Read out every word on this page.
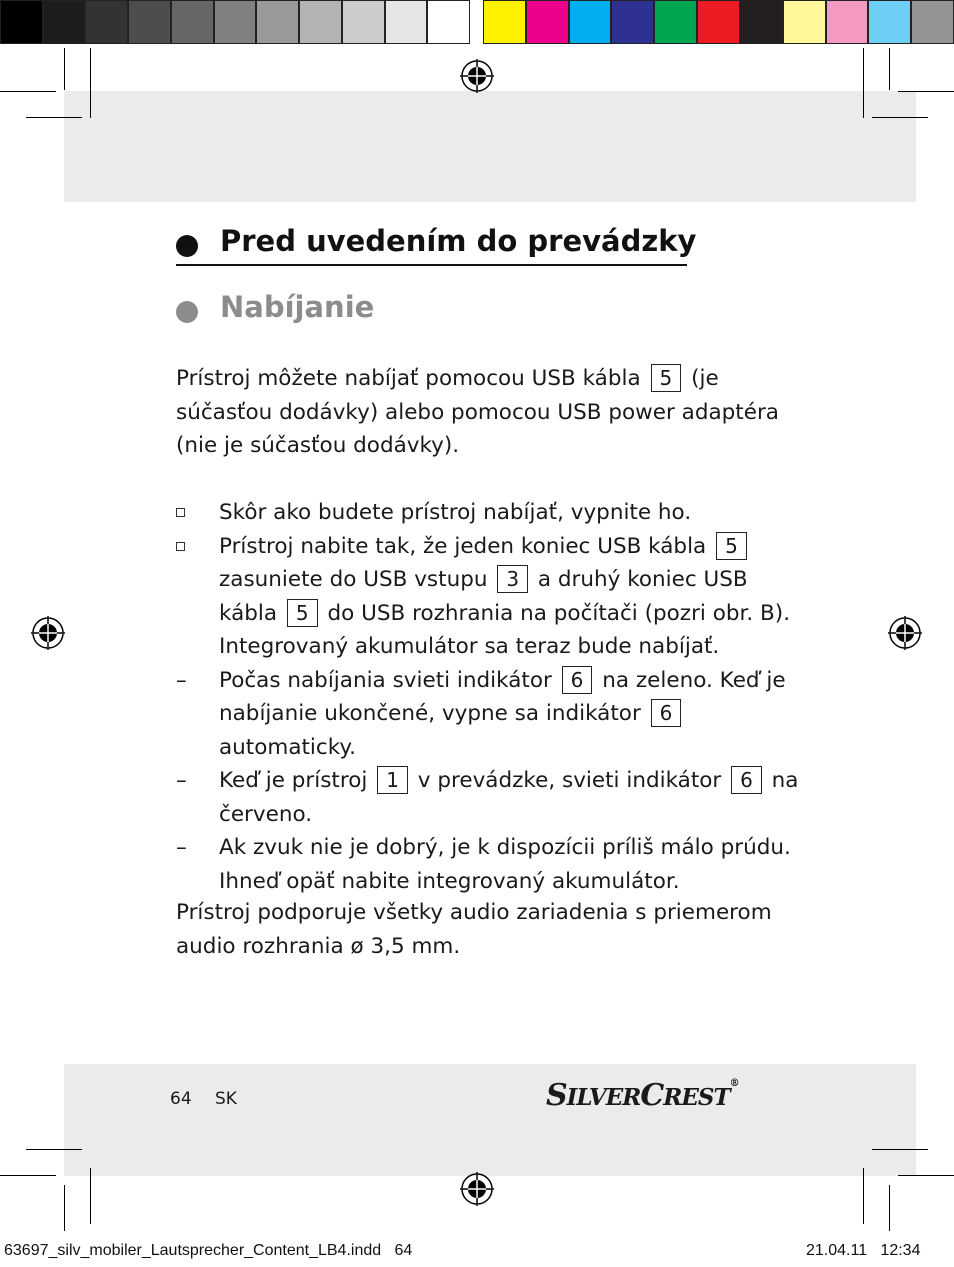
Pred uvedením do prevádzky
Nabíjanie
Prístroj môžete nabíjať pomocou USB kábla 5 (je súčasťou dodávky) alebo pomocou USB power adaptéra (nie je súčasťou dodávky).
Skôr ako budete prístroj nabíjať, vypnite ho.
Prístroj nabite tak, že jeden koniec USB kábla 5 zasuniete do USB vstupu 3 a druhý koniec USB kábla 5 do USB rozhrania na počítači (pozri obr. B). Integrovaný akumulátor sa teraz bude nabíjať.
–	Počas nabíjania svieti indikátor 6 na zeleno. Keď je nabíjanie ukončené, vypne sa indikátor 6 automaticky.
–	Keď je prístroj 1 v prevádzke, svieti indikátor 6 na červeno.
–	Ak zvuk nie je dobrý, je k dispozícii príliš málo prúdu. Ihneď opäť nabite integrovaný akumulátor.
Prístroj podporuje všetky audio zariadenia s priemerom audio rozhrania ø 3,5 mm.
64 SK	SILVERCREST®
63697_silv_mobiler_Lautsprecher_Content_LB4.indd   64	21.04.11   12:34
